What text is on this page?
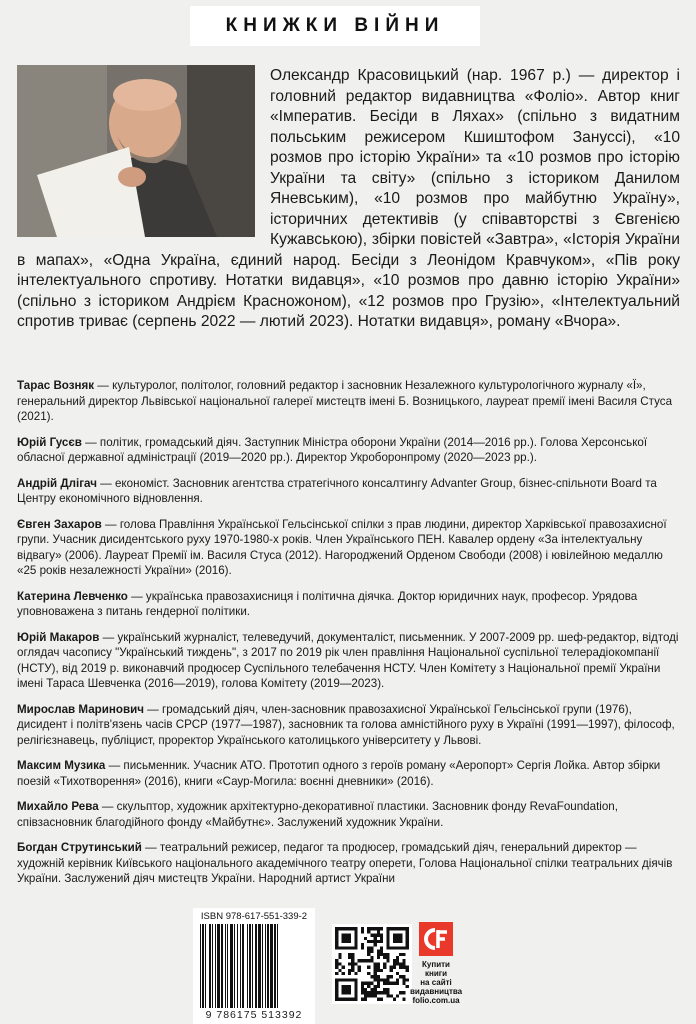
КНИЖКИ ВІЙНИ

Олександр Красовицький (нар. 1967 р.) — директор і головний редактор видавництва «Фоліо». Автор книг «Імператив. Бесіди в Ляхах» (спільно з видатним польським режисером Кшиштофом Зануссі), «10 розмов про історію України» та «10 розмов про історію України та світу» (спільно з істориком Данилом Яневським), «10 розмов про майбутню Україну», історичних детективів (у співавторстві з Євгенією Кужавською), збірки повістей «Завтра», «Історія України в мапах», «Одна Україна, єдиний народ. Бесіди з Леонідом Кравчуком», «Пів року інтелектуального спротиву. Нотатки видавця», «10 розмов про давню історію України» (спільно з істориком Андрієм Красножоном), «12 розмов про Грузію», «Інтелектуальний спротив триває (серпень 2022 — лютий 2023). Нотатки видавця», роману «Вчора».

Тарас Возняк — культуролог, політолог, головний редактор і засновник Незалежного культурологічного журналу «Ї», генеральний директор Львівської національної галереї мистецтв імені Б. Возницького, лауреат премії імені Василя Стуса (2021).

Юрій Гусєв — політик, громадський діяч. Заступник Міністра оборони України (2014—2016 рр.). Голова Херсонської обласної державної адміністрації (2019—2020 рр.). Директор Укроборонпрому (2020—2023 рр.).

Андрій Длігач — економіст. Засновник агентства стратегічного консалтингу Advanter Group, бізнес-спільноти Board та Центру економічного відновлення.

Євген Захаров — голова Правління Української Гельсінської спілки з прав людини, директор Харківської правозахисної групи. Учасник дисидентського руху 1970-1980-х років. Член Українського ПЕН. Кавалер ордену «За інтелектуальну відвагу» (2006). Лауреат Премії ім. Василя Стуса (2012). Нагороджений Орденом Свободи (2008) і ювілейною медаллю «25 років незалежності України» (2016).

Катерина Левченко — українська правозахисниця і політична діячка. Доктор юридичних наук, професор. Урядова уповноважена з питань гендерної політики.

Юрій Макаров — український журналіст, телеведучий, документаліст, письменник. У 2007-2009 рр. шеф-редактор, відтоді оглядач часопису "Український тиждень", з 2017 по 2019 рік член правління Національної суспільної телерадіокомпанії (НСТУ), від 2019 р. виконавчий продюсер Суспільного телебачення НСТУ. Член Комітету з Національної премії України імені Тараса Шевченка (2016—2019), голова Комітету (2019—2023).

Мирослав Маринович — громадський діяч, член-засновник правозахисної Української Гельсінської групи (1976), дисидент і політв'язень часів СРСР (1977—1987), засновник та голова амністійного руху в Україні (1991—1997), філософ, релігієзнавець, публіцист, проректор Українського католицького університету у Львові.

Максим Музика — письменник. Учасник АТО. Прототип одного з героїв роману «Аеропорт» Сергія Лойка. Автор збірки поезій «Тихотворення» (2016), книги «Саур-Могила: воєнні дневники» (2016).

Михайло Рева — скульптор, художник архітектурно-декоративної пластики. Засновник фонду RevaFoundation, співзасновник благодійного фонду «Майбутнє». Заслужений художник України.

Богдан Струтинський — театральний режисер, педагог та продюсер, громадський діяч, генеральний директор — художній керівник Київського національного академічного театру оперети, Голова Національної спілки театральних діячів України. Заслужений діяч мистецтв України. Народний артист України

ISBN 978-617-551-339-2
9 786175 513392
Купити книги
на сайті
видавництва
folio.com.ua
